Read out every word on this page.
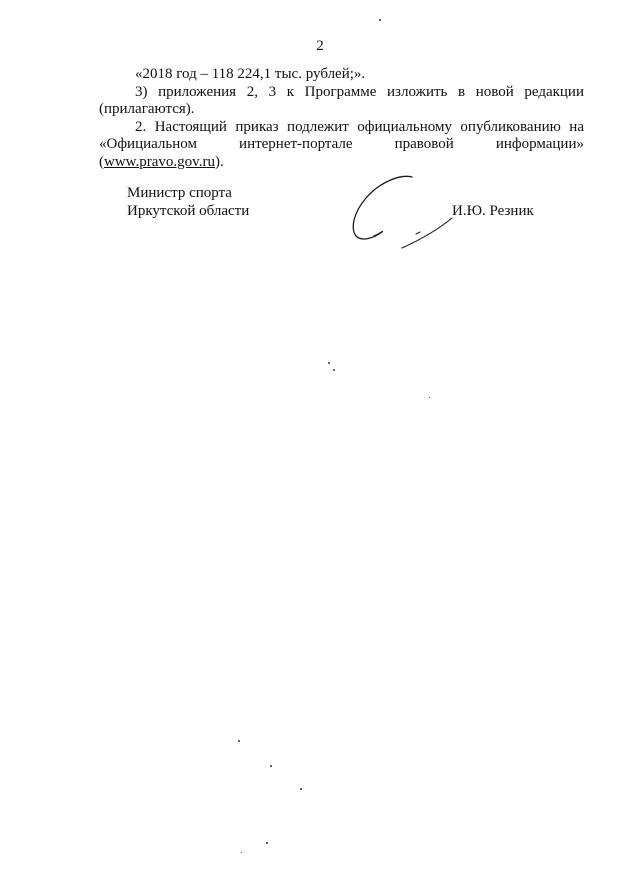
2

«2018 год – 118 224,1 тыс. рублей;».

3) приложения 2, 3 к Программе изложить в новой редакции

(прилагаются).

2. Настоящий приказ подлежит официальному опубликованию на «Официальном интернет-портале правовой информации» (www.pravo.gov.ru).

Министр спорта
Иркутской области	И.Ю. Резник
